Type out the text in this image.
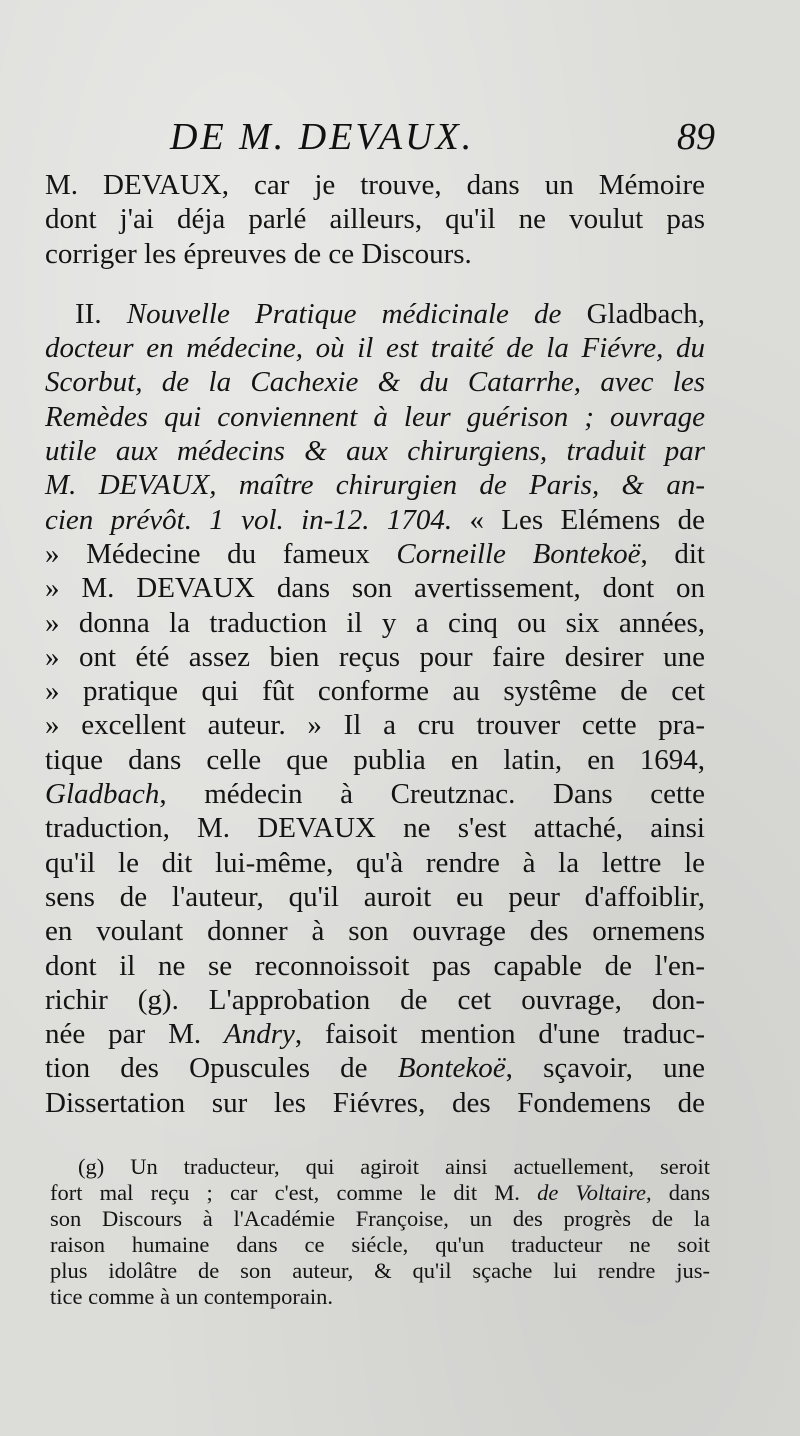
DE M. DEVAUX.	89
M. DEVAUX, car je trouve, dans un Mémoire
dont j'ai déja parlé ailleurs, qu'il ne voulut pas
corriger les épreuves de ce Discours.
II. Nouvelle Pratique médicinale de Gladbach,
docteur en médecine, où il est traité de la Fiévre, du
Scorbut, de la Cachexie & du Catarrhe, avec les
Remèdes qui conviennent à leur guérison ; ouvrage
utile aux médecins & aux chirurgiens, traduit par
M. DEVAUX, maître chirurgien de Paris, & an-
cien prévôt. 1 vol. in-12. 1704. « Les Elémens de
» Médecine du fameux Corneille Bontekoë, dit
» M. DEVAUX dans son avertissement, dont on
» donna la traduction il y a cinq ou six années,
» ont été assez bien reçus pour faire desirer une
» pratique qui fût conforme au systême de cet
» excellent auteur. » Il a cru trouver cette pra-
tique dans celle que publia en latin, en 1694,
Gladbach, médecin à Creutznac. Dans cette
traduction, M. DEVAUX ne s'est attaché, ainsi
qu'il le dit lui-même, qu'à rendre à la lettre le
sens de l'auteur, qu'il auroit eu peur d'affoiblir,
en voulant donner à son ouvrage des ornemens
dont il ne se reconnoissoit pas capable de l'en-
richir (g). L'approbation de cet ouvrage, don-
née par M. Andry, faisoit mention d'une traduc-
tion des Opuscules de Bontekoë, sçavoir, une
Dissertation sur les Fiévres, des Fondemens de
(g) Un traducteur, qui agiroit ainsi actuellement, seroit
fort mal reçu ; car c'est, comme le dit M. de Voltaire, dans
son Discours à l'Académie Françoise, un des progrès de la
raison humaine dans ce siécle, qu'un traducteur ne soit
plus idolâtre de son auteur, & qu'il sçache lui rendre jus-
tice comme à un contemporain.
